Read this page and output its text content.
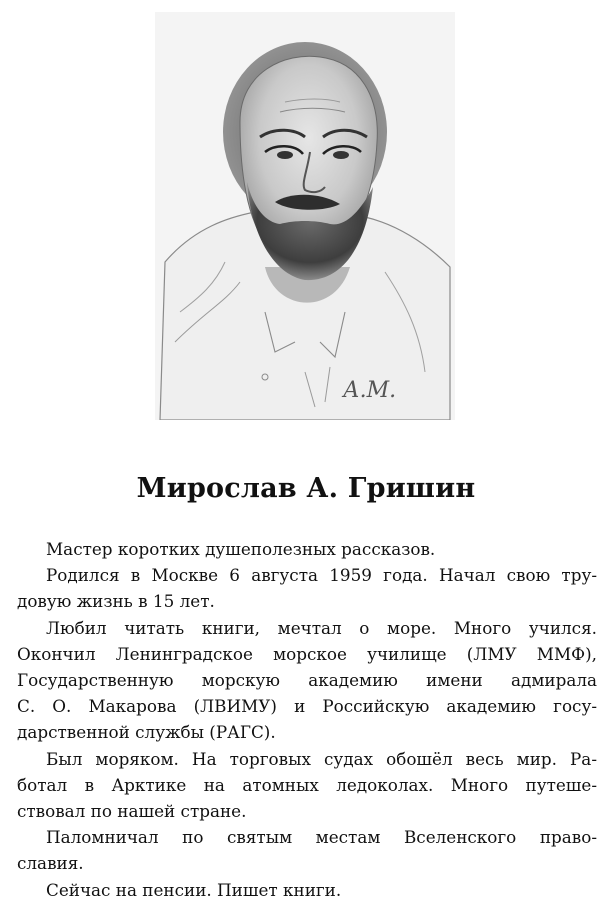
А.М.
Мирослав А. Гришин
Мастер коротких душеполезных рассказов.
Родился в Москве 6 августа 1959 года. Начал свою тру-
довую жизнь в 15 лет.
Любил читать книги, мечтал о море. Много учился.
Окончил Ленинградское морское училище (ЛМУ ММФ),
Государственную морскую академию имени адмирала
С. О. Макарова (ЛВИМУ) и Российскую академию госу-
дарственной службы (РАГС).
Был моряком. На торговых судах обошёл весь мир. Ра-
ботал в Арктике на атомных ледоколах. Много путеше-
ствовал по нашей стране.
Паломничал по святым местам Вселенского право-
славия.
Сейчас на пенсии. Пишет книги.
